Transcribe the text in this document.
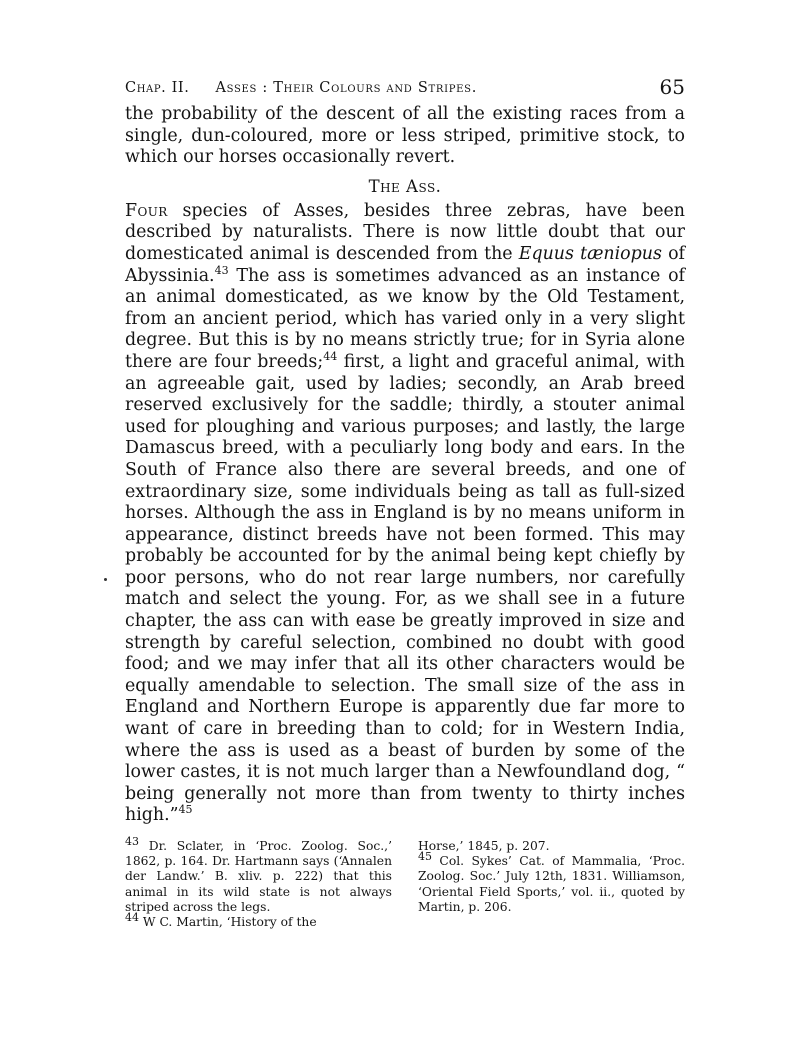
Chap. II. Asses : Their Colours and Stripes.	65

the probability of the descent of all the existing races from a single, dun-coloured, more or less striped, primitive stock, to which our horses occasionally revert.

The Ass.

Four species of Asses, besides three zebras, have been described by naturalists. There is now little doubt that our domesticated animal is descended from the Equus tæniopus of Abyssinia.$^{43}$ The ass is sometimes advanced as an instance of an animal domesticated, as we know by the Old Testament, from an ancient period, which has varied only in a very slight degree. But this is by no means strictly true; for in Syria alone there are four breeds;$^{44}$ first, a light and graceful animal, with an agreeable gait, used by ladies; secondly, an Arab breed reserved exclusively for the saddle; thirdly, a stouter animal used for ploughing and various purposes; and lastly, the large Damascus breed, with a peculiarly long body and ears. In the South of France also there are several breeds, and one of extraordinary size, some individuals being as tall as full-sized horses. Although the ass in England is by no means uniform in appearance, distinct breeds have not been formed. This may probably be accounted for by the animal being kept chiefly by poor persons, who do not rear large numbers, nor carefully match and select the young. For, as we shall see in a future chapter, the ass can with ease be greatly improved in size and strength by careful selection, combined no doubt with good food; and we may infer that all its other characters would be equally amendable to selection. The small size of the ass in England and Northern Europe is apparently due far more to want of care in breeding than to cold; for in Western India, where the ass is used as a beast of burden by some of the lower castes, it is not much larger than a Newfoundland dog, “ being generally not more than from twenty to thirty inches high.”$^{45}$

43 Dr. Sclater, in ‘Proc. Zoolog. Soc.,’ 1862, p. 164. Dr. Hartmann says (‘Annalen der Landw.’ B. xliv. p. 222) that this animal in its wild state is not always striped across the legs.

44 W C. Martin, ‘History of the

Horse,’ 1845, p. 207.

45 Col. Sykes’ Cat. of Mammalia, ‘Proc. Zoolog. Soc.’ July 12th, 1831. Williamson, ‘Oriental Field Sports,’ vol. ii., quoted by Martin, p. 206.
